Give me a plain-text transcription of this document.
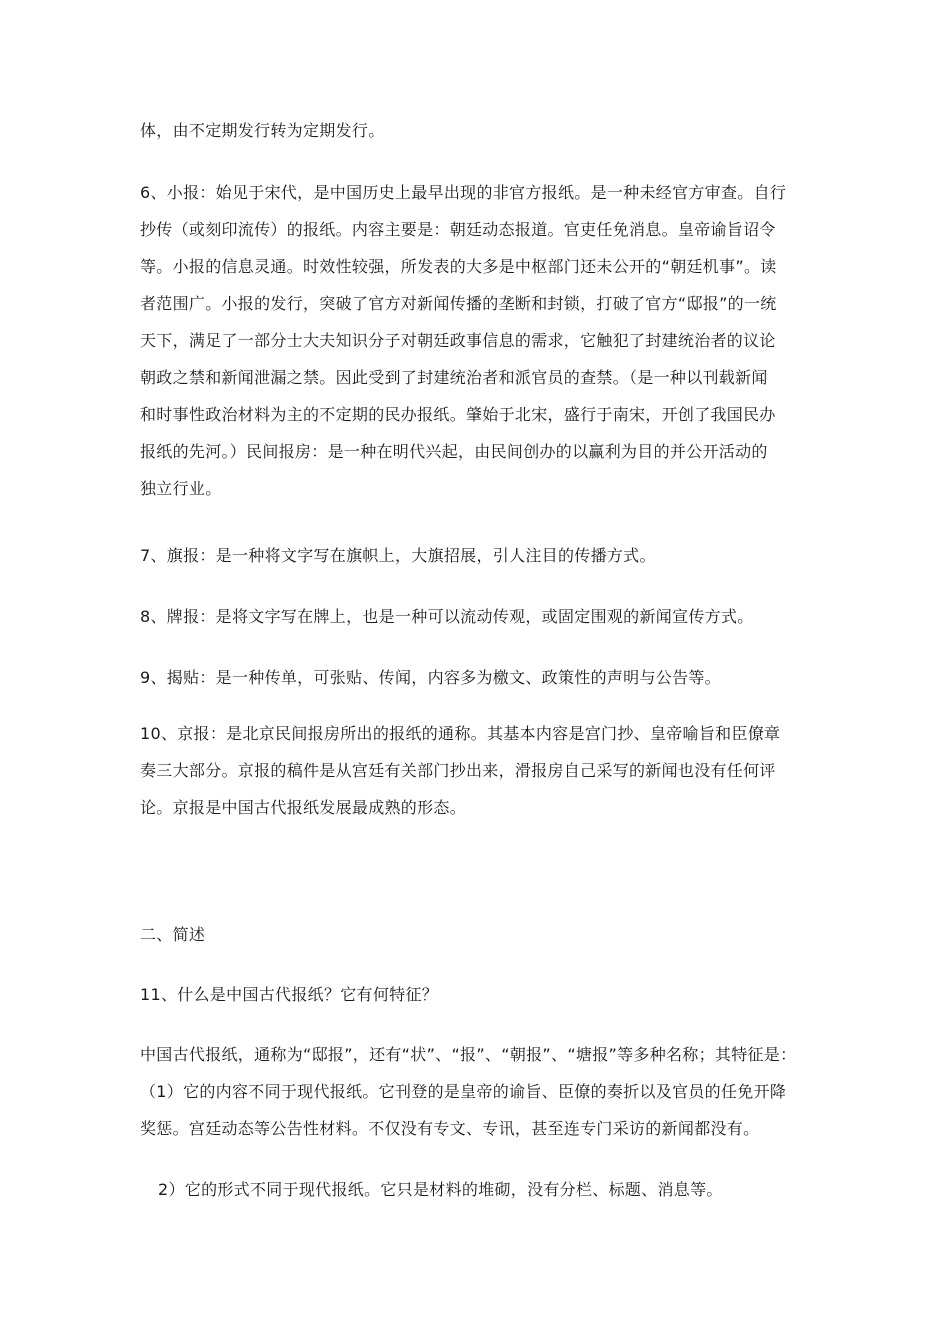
体，由不定期发行转为定期发行。
6、小报：始见于宋代，是中国历史上最早出现的非官方报纸。是一种未经官方审查。自行
抄传（或刻印流传）的报纸。内容主要是：朝廷动态报道。官吏任免消息。皇帝谕旨诏令
等。小报的信息灵通。时效性较强，所发表的大多是中枢部门还未公开的“朝廷机事”。读
者范围广。小报的发行，突破了官方对新闻传播的垄断和封锁，打破了官方“邸报”的一统
天下，满足了一部分士大夫知识分子对朝廷政事信息的需求，它触犯了封建统治者的议论
朝政之禁和新闻泄漏之禁。因此受到了封建统治者和派官员的查禁。（是一种以刊载新闻
和时事性政治材料为主的不定期的民办报纸。肇始于北宋，盛行于南宋，开创了我国民办
报纸的先河。）民间报房：是一种在明代兴起，由民间创办的以赢利为目的并公开活动的
独立行业。
7、旗报：是一种将文字写在旗帜上，大旗招展，引人注目的传播方式。
8、牌报：是将文字写在牌上，也是一种可以流动传观，或固定围观的新闻宣传方式。
9、揭贴：是一种传单，可张贴、传闻，内容多为檄文、政策性的声明与公告等。
10、京报：是北京民间报房所出的报纸的通称。其基本内容是宫门抄、皇帝喻旨和臣僚章
奏三大部分。京报的稿件是从宫廷有关部门抄出来，滑报房自己采写的新闻也没有任何评
论。京报是中国古代报纸发展最成熟的形态。
二、简述
11、什么是中国古代报纸？它有何特征？
中国古代报纸，通称为“邸报”，还有“状”、“报”、“朝报”、“塘报”等多种名称；其特征是：
（1）它的内容不同于现代报纸。它刊登的是皇帝的谕旨、臣僚的奏折以及官员的任免开降
奖惩。宫廷动态等公告性材料。不仅没有专文、专讯，甚至连专门采访的新闻都没有。
2）它的形式不同于现代报纸。它只是材料的堆砌，没有分栏、标题、消息等。
